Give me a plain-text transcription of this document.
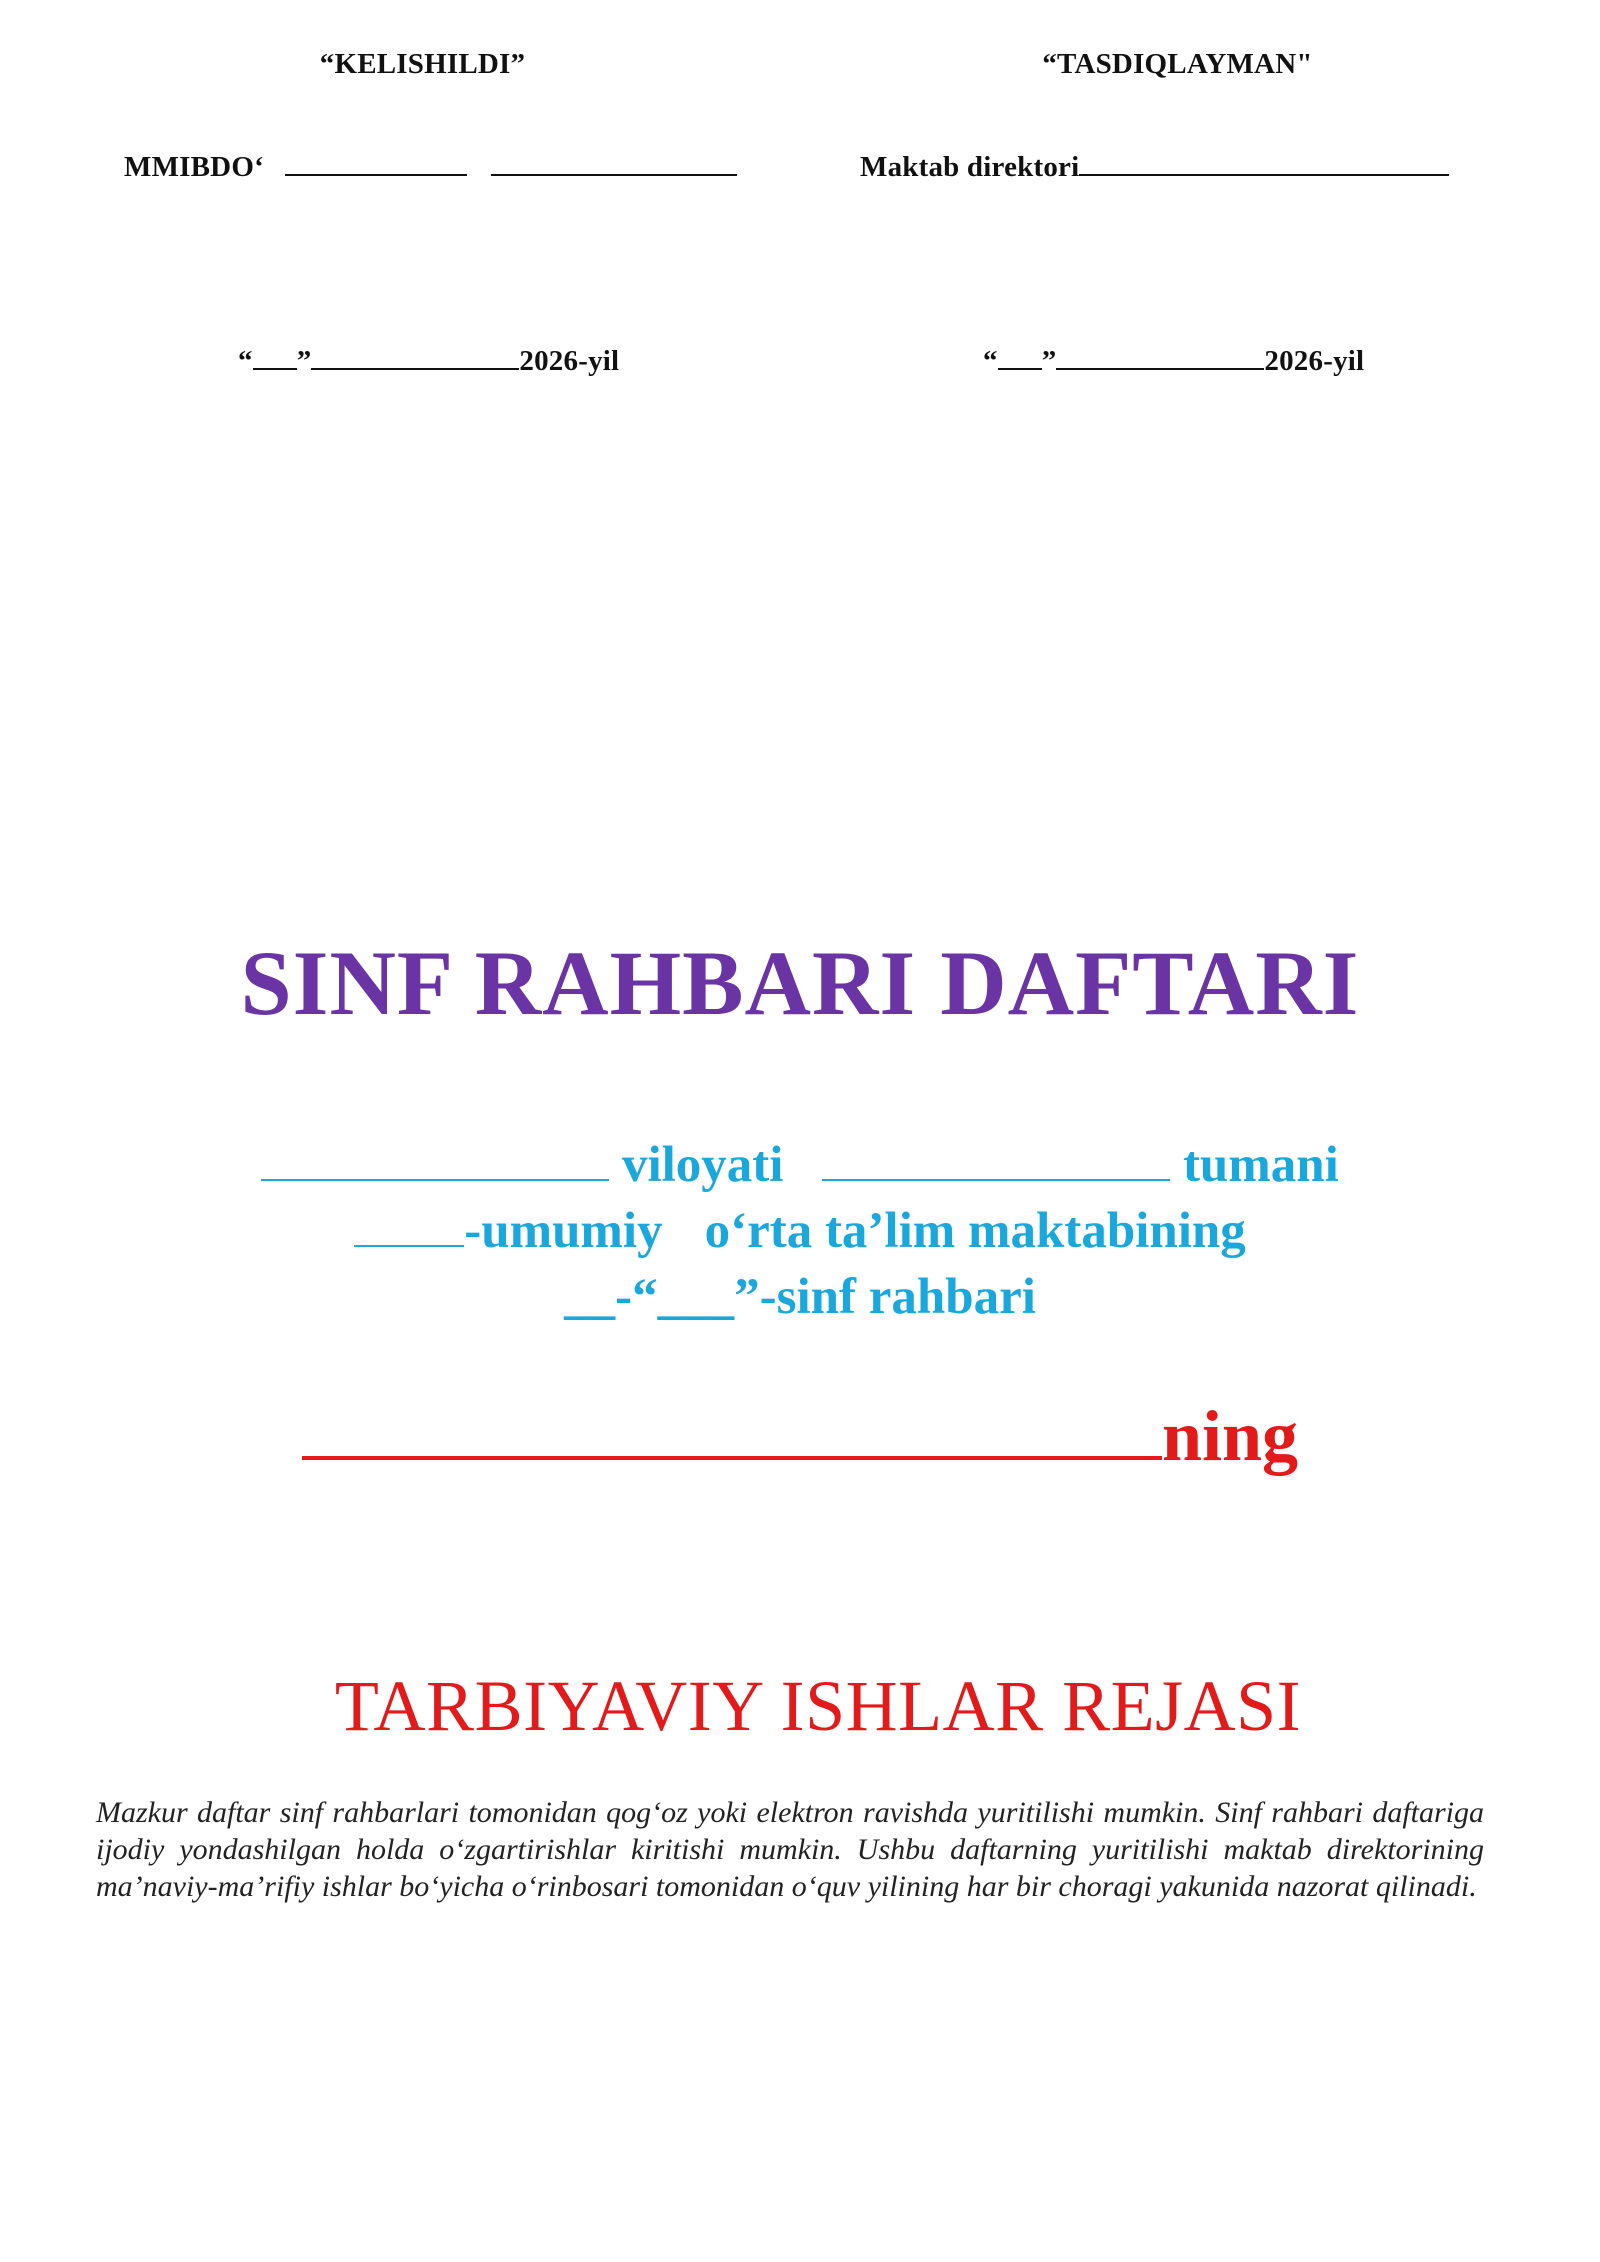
“KELISHILDI”	“TASDIQLAYMAN"
MMIBDO‘	Maktab direktori
“ ”	2026-yil	“ ”	2026-yil
SINF RAHBARI DAFTARI
viloyati	tumani
-umumiy o‘rta ta’lim maktabining
__-“___”-sinf rahbari
ning
TARBIYAVIY ISHLAR REJASI
Mazkur daftar sinf rahbarlari tomonidan qog‘oz yoki elektron ravishda yuritilishi mumkin. Sinf rahbari daftariga ijodiy yondashilgan holda o‘zgartirishlar kiritishi mumkin. Ushbu daftarning yuritilishi maktab direktorining ma’naviy-ma’rifiy ishlar bo‘yicha o‘rinbosari tomonidan o‘quv yilining har bir choragi yakunida nazorat qilinadi.
